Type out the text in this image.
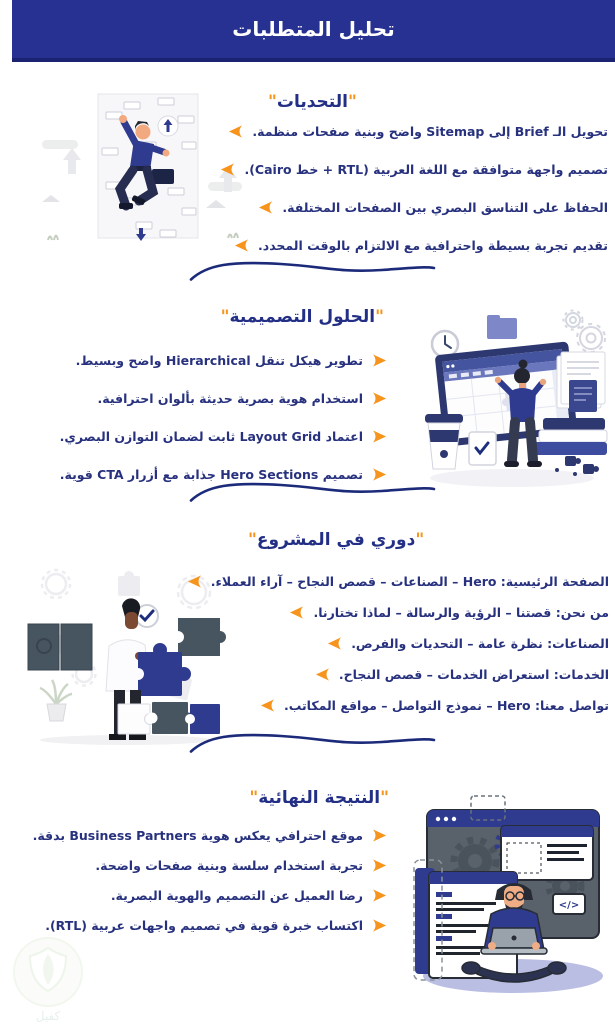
تحليل المتطلبات
"التحديات"
تحويل الـ Brief إلى Sitemap واضح وبنية صفحات منظمة.
تصميم واجهة متوافقة مع اللغة العربية (RTL + خط Cairo).
الحفاظ على التناسق البصري بين الصفحات المختلفة.
تقديم تجربة بسيطة واحترافية مع الالتزام بالوقت المحدد.
"الحلول التصميمية"
تطوير هيكل تنقل Hierarchical واضح وبسيط.
استخدام هوية بصرية حديثة بألوان احترافية.
اعتماد Layout Grid ثابت لضمان التوازن البصري.
تصميم Hero Sections جذابة مع أزرار CTA قوية.
"دوري في المشروع"
الصفحة الرئيسية: Hero – الصناعات – قصص النجاح – آراء العملاء.
من نحن: قصتنا – الرؤية والرسالة – لماذا تختارنا.
الصناعات: نظرة عامة – التحديات والفرص.
الخدمات: استعراض الخدمات – قصص النجاح.
تواصل معنا: Hero – نموذج التواصل – مواقع المكاتب.
"النتيجة النهائية"
موقع احترافي يعكس هوية Business Partners بدقة.
تجربة استخدام سلسة وبنية صفحات واضحة.
رضا العميل عن التصميم والهوية البصرية.
اكتساب خبرة قوية في تصميم واجهات عربية (RTL).
</>
كفيل
